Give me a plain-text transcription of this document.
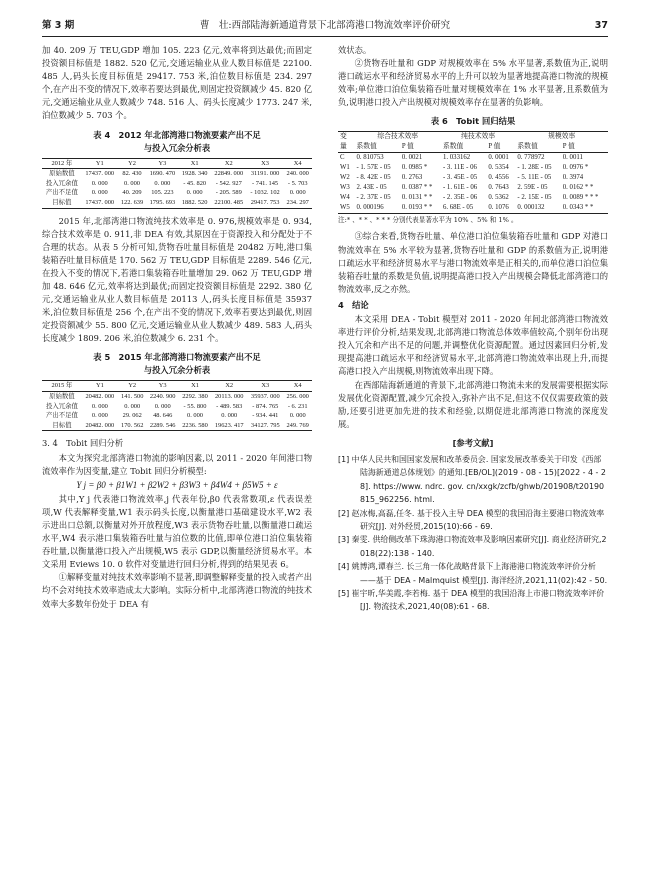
第 3 期	曹　壮:西部陆海新通道背景下北部湾港口物流效率评价研究	37

加 40. 209 万 TEU,GDP 增加 105. 223 亿元,效率将到达最优;而固定投资额目标值是 1882. 520 亿元,交通运输业从业人数目标值是 22100. 485 人,码头长度目标值是 29417. 753 米,泊位数目标值是 234. 297 个,在产出不变的情况下,效率若要达到最优,则固定投资额减少 45. 820 亿元,交通运输业从业人数减少 748. 516 人、码头长度减少 1773. 247 米,泊位数减少 5. 703 个。

表 4　2012 年北部湾港口物流要素产出不足
与投入冗余分析表
2012 年	Y1	Y2	Y3	X1	X2	X3	X4
原始数值	17437. 000	82. 430	1690. 470	1928. 340	22849. 000	31191. 000	240. 000
投入冗余值	0. 000	0. 000	0. 000	- 45. 820	- 542. 927	- 741. 145	- 5. 703
产出不足值	0. 000	40. 209	105. 223	0. 000	- 205. 589	- 1032. 102	0. 000
目标值	17437. 000	122. 639	1795. 693	1882. 520	22100. 485	29417. 753	234. 297

2015 年,北部湾港口物流纯技术效率是 0. 976,规模效率是 0. 934,综合技术效率是 0. 911,非 DEA 有效,其原因在于资源投入和分配处于不合理的状态。从表 5 分析可知,货物吞吐量目标值是 20482 万吨,港口集装箱吞吐量目标值是 170. 562 万 TEU,GDP 目标值是 2289. 546 亿元,在投入不变的情况下,若港口集装箱吞吐量增加 29. 062 万 TEU,GDP 增加 48. 646 亿元,效率将达到最优;而固定投资额目标值是 2292. 380 亿元,交通运输业从业人数目标值是 20113 人,码头长度目标值是 35937 米,泊位数目标值是 256 个,在产出不变的情况下,效率若要达到最优,则固定投资额减少 55. 800 亿元,交通运输业从业人数减少 489. 583 人,码头长度减少 1809. 206 米,泊位数减少 6. 231 个。

表 5　2015 年北部湾港口物流要素产出不足
与投入冗余分析表
2015 年	Y1	Y2	Y3	X1	X2	X3	X4
原始数值	20482. 000	141. 500	2240. 900	2292. 380	20113. 000	35937. 000	256. 000
投入冗余值	0. 000	0. 000	0. 000	- 55. 800	- 489. 583	- 874. 765	- 6. 231
产出不足值	0. 000	29. 062	48. 646	0. 000	0. 000	- 934. 441	0. 000
目标值	20482. 000	170. 562	2289. 546	2236. 580	19623. 417	34127. 795	249. 769
3. 4　Tobit 回归分析

本文为探究北部湾港口物流的影响因素,以 2011 - 2020 年间港口物流效率作为因变量,建立 Tobit 回归分析模型:

Y j = β0 + β1W1 + β2W2 + β3W3 + β4W4 + β5W5 + ε

其中,Y j 代表港口物流效率,j 代表年份,β0 代表常数项,ε 代表误差项,W 代表解释变量,W1 表示码头长度,以衡量港口基础建设水平,W2 表示进出口总额,以衡量对外开放程度,W3 表示货物吞吐量,以衡量港口疏运水平,W4 表示港口集装箱吞吐量与泊位数的比值,即单位港口泊位集装箱吞吐量,以衡量港口投入产出规模,W5 表示 GDP,以衡量经济贸易水平。本文采用 Eviews 10. 0 软件对变量进行回归分析,得到的结果见表 6。

①解释变量对纯技术效率影响不显著,即调整解释变量的投入或者产出均不会对纯技术效率造成太大影响。实际分析中,北部湾港口物流的纯技术效率大多数年份处于 DEA 有

效状态。

②货物吞吐量和 GDP 对规模效率在 5% 水平显著,系数值为正,说明港口疏运水平和经济贸易水平的上升可以较为显著地提高港口物流的规模效率;单位港口泊位集装箱吞吐量对规模效率在 1% 水平显著,且系数值为负,说明港口投入产出规模对规模效率存在显著的负影响。

表 6　Tobit 回归结果
变	综合技术效率		纯技术效率		规模效率	
量	系数值	P 值	系数值	P 值	系数值	P 值
C	0. 810753	0. 0021	1. 033162	0. 0001	0. 778972	0. 0011
W1	- 1. 57E - 05	0. 0985 *	- 3. 11E - 06	0. 5354	- 1. 28E - 05	0. 0976 *
W2	- 8. 42E - 05	0. 2763	- 3. 45E - 05	0. 4556	- 5. 11E - 05	0. 3974
W3	2. 43E - 05	0. 0387 * *	- 1. 61E - 06	0. 7643	2. 59E - 05	0. 0162 * *
W4	- 2. 37E - 05	0. 0131 * *	- 2. 35E - 06	0. 5362	- 2. 15E - 05	0. 0089 * * *
W5	0. 000196	0. 0193 * *	6. 68E - 05	0. 1076	0. 000132	0. 0343 * *
注:* 、* * 、* * * 分别代表显著水平为 10% 、5% 和 1% 。

③综合来看,货物吞吐量、单位港口泊位集装箱吞吐量和 GDP 对港口物流效率在 5% 水平较为显著,货物吞吐量和 GDP 的系数值为正,说明港口疏运水平和经济贸易水平与港口物流效率是正相关的,而单位港口泊位集装箱吞吐量的系数是负值,说明提高港口投入产出规模会降低北部湾港口的物流效率,反之亦然。

4　结论

本文采用 DEA - Tobit 模型对 2011 - 2020 年间北部湾港口物流效率进行评价分析,结果发现,北部湾港口物流总体效率值较高,个别年份出现投入冗余和产出不足的问题,并调整优化资源配置。通过因素回归分析,发现提高港口疏运水平和经济贸易水平,北部湾港口物流效率出现上升,而提高港口投入产出规模,则物流效率出现下降。

在西部陆海新通道的背景下,北部湾港口物流未来的发展需要根据实际发展优化资源配置,减少冗余投入,弥补产出不足,但这不仅仅需要政策的鼓励,还要引进更加先进的技术和经验,以期促进北部湾港口物流的深度发展。

[参考文献]

[1] 中华人民共和国国家发展和改革委员会. 国家发展改革委关于印发《西部陆海新通道总体规划》的通知.[EB/OL](2019 - 08 - 15)[2022 - 4 - 28]. https://www. ndrc. gov. cn/xxgk/zcfb/ghwb/201908/t20190815_962256. html.

[2] 赵冰梅,高磊,任冬. 基于投入主导 DEA 模型的我国沿海主要港口物流效率研究[J]. 对外经贸,2015(10):66 - 69.

[3] 秦雯. 供给侧改革下珠海港口物流效率及影响因素研究[J]. 商业经济研究,2018(22):138 - 140.

[4] 姚博鸿,谭春兰. 长三角一体化战略背景下上海港港口物流效率评价分析——基于 DEA - Malmquist 模型[J]. 海洋经济,2021,11(02):42 - 50.

[5] 崔宇昕,华美霞,李若梅. 基于 DEA 模型的我国沿海上市港口物流效率评价[J]. 物流技术,2021,40(08):61 - 68.
